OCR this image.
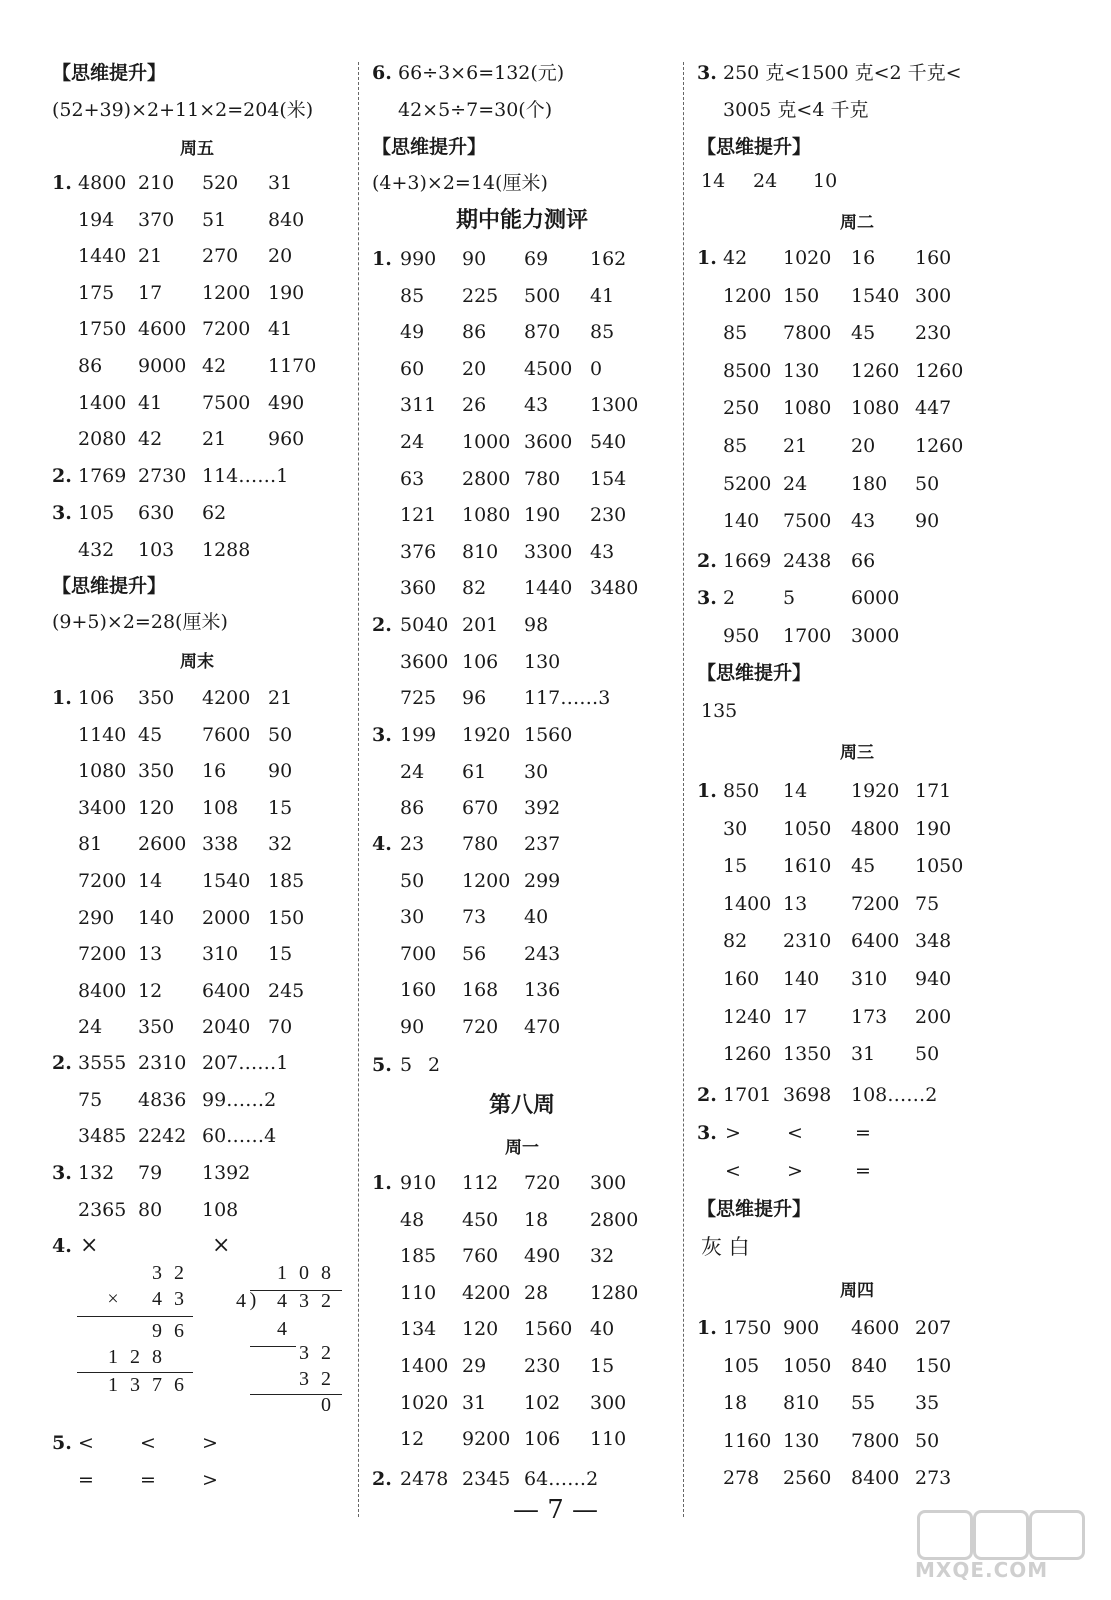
【思维提升】
(52+39)×2+11×2=204(米)
周五
1. 4800 210 520 31
194 370 51 840
1440 21 270 20
175 17 1200 190
1750 4600 7200 41
86 9000 42 1170
1400 41 7500 490
2080 42 21 960
2. 1769 2730 114……1
3. 105 630 62
432 103 1288
【思维提升】
(9+5)×2=28(厘米)
周末
1. 106 350 4200 21
1140 45 7600 50
1080 350 16 90
3400 120 108 15
81 2600 338 32
7200 14 1540 185
290 140 2000 150
7200 13 310 15
8400 12 6400 245
24 350 2040 70
2. 3555 2310 207……1
75 4836 99……2
3485 2242 60……4
3. 132 79 1392
2365 80 108
4. ×	×
3 2
×	4 3
9 6
1 2 8
1 3 7 6
1 0 8
4 )	4 3 2
4
3 2
3 2
0
5. < < >
= = >
6. 66÷3×6=132(元)
42×5÷7=30(个)
【思维提升】
(4+3)×2=14(厘米)
期中能力测评
1. 990 90 69 162
85 225 500 41
49 86 870 85
60 20 4500 0
311 26 43 1300
24 1000 3600 540
63 2800 780 154
121 1080 190 230
376 810 3300 43
360 82 1440 3480
2. 5040 201 98
3600 106 130
725 96 117……3
3. 199 1920 1560
24 61 30
86 670 392
4. 23 780 237
50 1200 299
30 73 40
700 56 243
160 168 136
90 720 470
5. 5 2
第八周
周一
1. 910 112 720 300
48 450 18 2800
185 760 490 32
110 4200 28 1280
134 120 1560 40
1400 29 230 15
1020 31 102 300
12 9200 106 110
2. 2478 2345 64……2
3. 250 克<1500 克<2 千克<
3005 克<4 千克
【思维提升】
14 24 10
周二
1. 42 1020 16 160
1200 150 1540 300
85 7800 45 230
8500 130 1260 1260
250 1080 1080 447
85 21 20 1260
5200 24 180 50
140 7500 43 90
2. 1669 2438 66
3. 2	5	6000
950 1700 3000
【思维提升】
135
周三
1. 850 14 1920 171
30 1050 4800 190
15 1610 45 1050
1400 13 7200 75
82 2310 6400 348
160 140 310 940
1240 17 173 200
1260 1350 31 50
2. 1701 3698 108……2
3. > <	=
< >	=
【思维提升】
灰 白
周四
1. 1750 900 4600 207
105 1050 840 150
18 810 55 35
1160 130 7800 50
278 2560 8400 273
— 7 —
MXQE.COM
